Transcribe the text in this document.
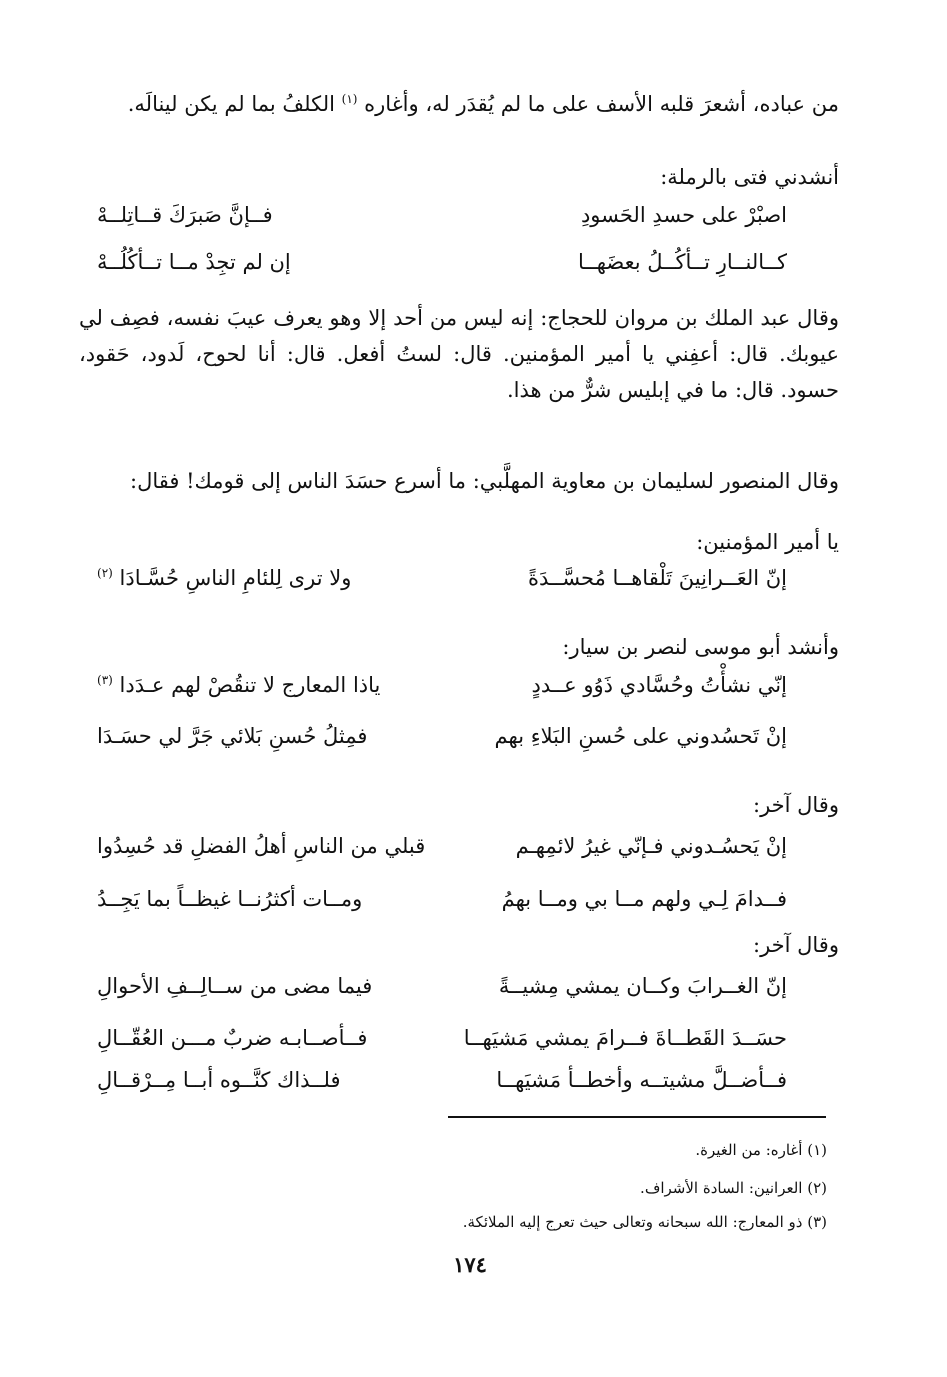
من عباده، أشعرَ قلبه الأسف على ما لم يُقدَر له، وأغاره $^{(١)}$ الكلفُ بما لم يكن لينالَه.

أنشدني فتى بالرملة:
اصبْرْ على حسدِ الحَسودِ
فــإنَّ صَبرَكَ قــاتِلــهْ
كــالنــارِ تــأكُــلُ بعضَهــا
إن لم تجِدْ مــا تــأكُلُــهْ

وقال عبد الملك بن مروان للحجاج: إنه ليس من أحد إلا وهو يعرف عيبَ نفسه، فصِف لي عيوبك. قال: أعفِني يا أمير المؤمنين. قال: لستُ أفعل. قال: أنا لحوح، لَدود، حَقود، حسود. قال: ما في إبليس شرٌّ من هذا.

وقال المنصور لسليمان بن معاوية المهلَّبي: ما أسرع حسَدَ الناس إلى قومك! فقال:

يا أمير المؤمنين:
إنّ العَــرانِينَ تَلْقاهــا مُحسَّــدَةً
ولا ترى لِلئامِ الناسِ حُسَّـادَا $^{(٢)}$
وأنشد أبو موسى لنصر بن سيار:
إنّي نشأْتُ وحُسَّادي ذَوُو عــددٍ
ياذا المعارج لا تنقُصْ لهم عـدَدا $^{(٣)}$
إنْ تَحسُدوني على حُسنِ البَلاءِ بهم
فمِثلُ حُسنِ بَلائي جَرَّ لي حسَـدَا
وقال آخر:
إنْ يَحسُـدوني فـإنّي غيرُ لائمِهـم
قبلي من الناسِ أهلُ الفضلِ قد حُسِدُوا
فــدامَ لِـي ولهم مــا بي ومــا بهمُ
ومــات أكثرُنــا غيظــاً بما يَجِــدُ
وقال آخر:
إنّ الغــرابَ وكــان يمشي مِشيــةً
فيما مضى من ســالِــفِ الأحوالِ
حسَــدَ القَطــاةَ فــرامَ يمشي مَشيَهــا
فــأصــابـه ضربٌ مـــن العُقّــالِ
فــأضــلَّ مشيتــه وأخطــأ مَشيَهــا
فلــذاك كنَّــوه أبــا مِــرْقــالِ
(١) أغاره: من الغيرة.
(٢) العرانين: السادة الأشراف.
(٣) ذو المعارج: الله سبحانه وتعالى حيث تعرج إليه الملائكة.
١٧٤
